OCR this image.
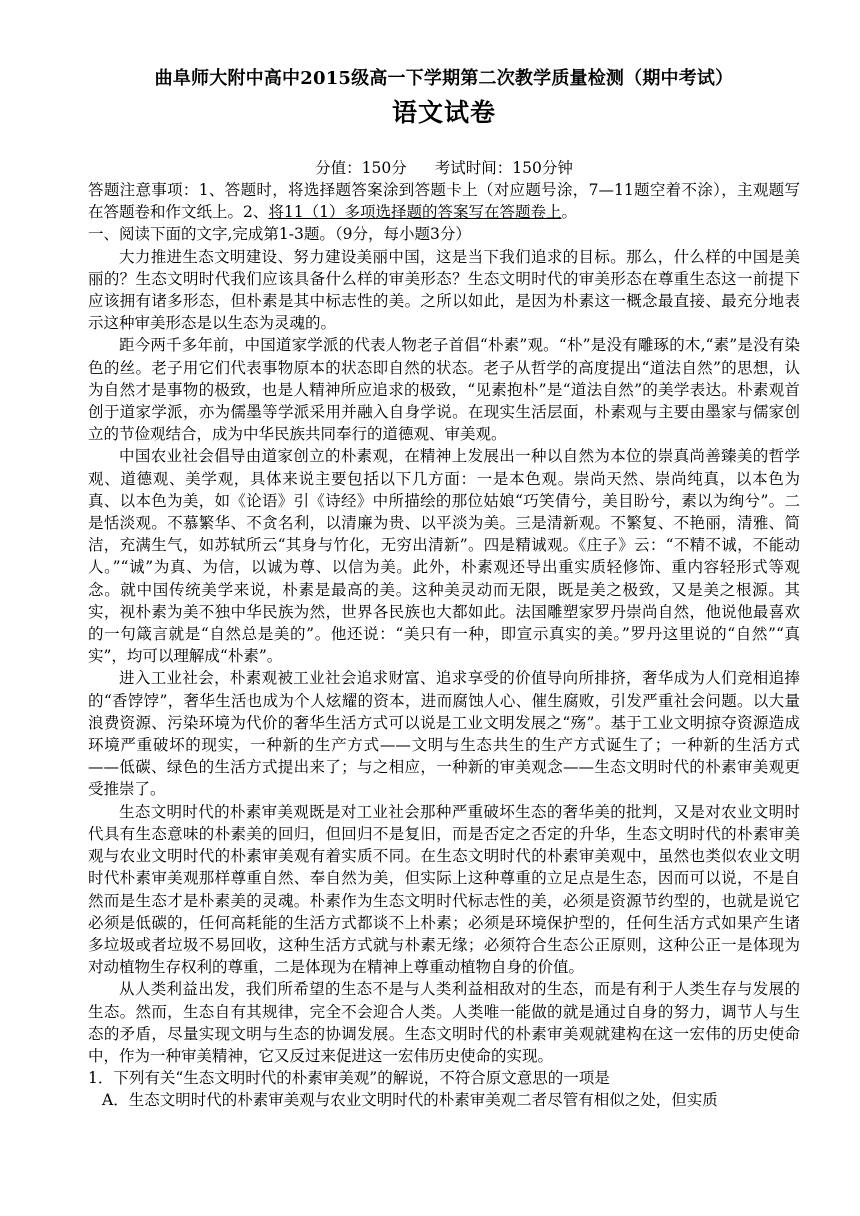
曲阜师大附中高中2015级高一下学期第二次教学质量检测（期中考试）
语文试卷
分值：150分 考试时间：150分钟

答题注意事项：1、答题时，将选择题答案涂到答题卡上（对应题号涂，7—11题空着不涂），主观题写在答题卷和作文纸上。2、将11（1）多项选择题的答案写在答题卷上。

一、阅读下面的文字,完成第1-3题。（9分，每小题3分）

大力推进生态文明建设、努力建设美丽中国，这是当下我们追求的目标。那么，什么样的中国是美丽的？生态文明时代我们应该具备什么样的审美形态？生态文明时代的审美形态在尊重生态这一前提下应该拥有诸多形态，但朴素是其中标志性的美。之所以如此，是因为朴素这一概念最直接、最充分地表示这种审美形态是以生态为灵魂的。

距今两千多年前，中国道家学派的代表人物老子首倡“朴素”观。“朴”是没有雕琢的木,“素”是没有染色的丝。老子用它们代表事物原本的状态即自然的状态。老子从哲学的高度提出“道法自然”的思想，认为自然才是事物的极致，也是人精神所应追求的极致，“见素抱朴”是“道法自然”的美学表达。朴素观首创于道家学派，亦为儒墨等学派采用并融入自身学说。在现实生活层面，朴素观与主要由墨家与儒家创立的节俭观结合，成为中华民族共同奉行的道德观、审美观。

中国农业社会倡导由道家创立的朴素观，在精神上发展出一种以自然为本位的崇真尚善臻美的哲学观、道德观、美学观，具体来说主要包括以下几方面：一是本色观。崇尚天然、崇尚纯真，以本色为真、以本色为美，如《论语》引《诗经》中所描绘的那位姑娘“巧笑倩兮，美目盼兮，素以为绚兮”。二是恬淡观。不慕繁华、不贪名利，以清廉为贵、以平淡为美。三是清新观。不繁复、不艳丽，清雅、简洁，充满生气，如苏轼所云“其身与竹化，无穷出清新”。四是精诚观。《庄子》云：“不精不诚，不能动人。”“诚”为真、为信，以诚为尊、以信为美。此外，朴素观还导出重实质轻修饰、重内容轻形式等观念。就中国传统美学来说，朴素是最高的美。这种美灵动而无限，既是美之极致，又是美之根源。其实，视朴素为美不独中华民族为然，世界各民族也大都如此。法国雕塑家罗丹崇尚自然，他说他最喜欢的一句箴言就是“自然总是美的”。他还说：“美只有一种，即宣示真实的美。”罗丹这里说的“自然”“真实”，均可以理解成“朴素”。

进入工业社会，朴素观被工业社会追求财富、追求享受的价值导向所排挤，奢华成为人们竞相追捧的“香饽饽”，奢华生活也成为个人炫耀的资本，进而腐蚀人心、催生腐败，引发严重社会问题。以大量浪费资源、污染环境为代价的奢华生活方式可以说是工业文明发展之“殇”。基于工业文明掠夺资源造成环境严重破坏的现实，一种新的生产方式——文明与生态共生的生产方式诞生了；一种新的生活方式——低碳、绿色的生活方式提出来了；与之相应，一种新的审美观念——生态文明时代的朴素审美观更受推崇了。

生态文明时代的朴素审美观既是对工业社会那种严重破坏生态的奢华美的批判，又是对农业文明时代具有生态意味的朴素美的回归，但回归不是复旧，而是否定之否定的升华，生态文明时代的朴素审美观与农业文明时代的朴素审美观有着实质不同。在生态文明时代的朴素审美观中，虽然也类似农业文明时代朴素审美观那样尊重自然、奉自然为美，但实际上这种尊重的立足点是生态，因而可以说，不是自然而是生态才是朴素美的灵魂。朴素作为生态文明时代标志性的美，必须是资源节约型的，也就是说它必须是低碳的，任何高耗能的生活方式都谈不上朴素；必须是环境保护型的，任何生活方式如果产生诸多垃圾或者垃圾不易回收，这种生活方式就与朴素无缘；必须符合生态公正原则，这种公正一是体现为对动植物生存权利的尊重，二是体现为在精神上尊重动植物自身的价值。

从人类利益出发，我们所希望的生态不是与人类利益相敌对的生态，而是有利于人类生存与发展的生态。然而，生态自有其规律，完全不会迎合人类。人类唯一能做的就是通过自身的努力，调节人与生态的矛盾，尽量实现文明与生态的协调发展。生态文明时代的朴素审美观就建构在这一宏伟的历史使命中，作为一种审美精神，它又反过来促进这一宏伟历史使命的实现。

1．下列有关“生态文明时代的朴素审美观”的解说，不符合原文意思的一项是

A．生态文明时代的朴素审美观与农业文明时代的朴素审美观二者尽管有相似之处，但实质
